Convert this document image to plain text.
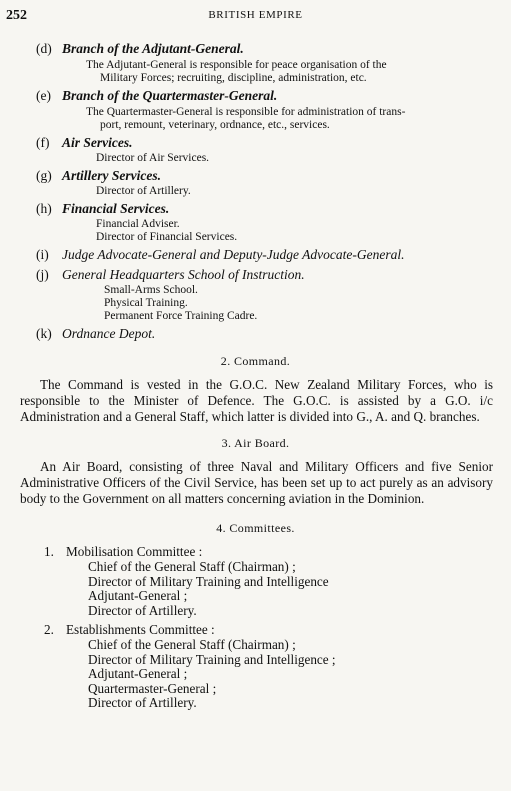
252	BRITISH EMPIRE
(d) Branch of the Adjutant-General.
The Adjutant-General is responsible for peace organisation of the
Military Forces; recruiting, discipline, administration, etc.
(e) Branch of the Quartermaster-General.
The Quartermaster-General is responsible for administration of trans-
port, remount, veterinary, ordnance, etc., services.
(f) Air Services.
Director of Air Services.
(g) Artillery Services.
Director of Artillery.
(h) Financial Services.
Financial Adviser.
Director of Financial Services.
(i) Judge Advocate-General and Deputy-Judge Advocate-General.
(j) General Headquarters School of Instruction.
Small-Arms School.
Physical Training.
Permanent Force Training Cadre.
(k) Ordnance Depot.
2. Command.
The Command is vested in the G.O.C. New Zealand Military Forces, who is responsible to the Minister of Defence. The G.O.C. is assisted by a G.O. i/c Administration and a General Staff, which latter is divided into G., A. and Q. branches.
3. Air Board.
An Air Board, consisting of three Naval and Military Officers and five Senior Administrative Officers of the Civil Service, has been set up to act purely as an advisory body to the Government on all matters concerning aviation in the Dominion.
4. Committees.
1. Mobilisation Committee :
Chief of the General Staff (Chairman) ;
Director of Military Training and Intelligence
Adjutant-General ;
Director of Artillery.
2. Establishments Committee :
Chief of the General Staff (Chairman) ;
Director of Military Training and Intelligence ;
Adjutant-General ;
Quartermaster-General ;
Director of Artillery.
